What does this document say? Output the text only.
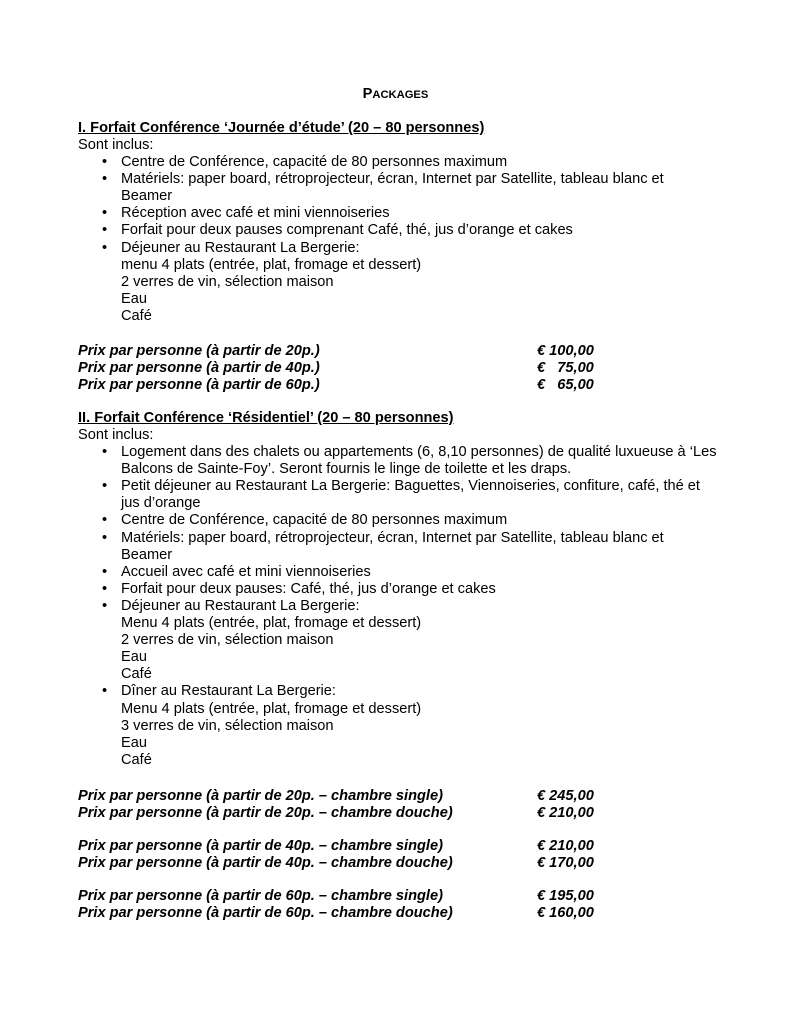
PACKAGES
I. Forfait Conférence ‘Journée d’étude’ (20 – 80 personnes)
Sont inclus:
• Centre de Conférence, capacité de 80 personnes maximum
• Matériels: paper board, rétroprojecteur, écran, Internet par Satellite, tableau blanc et
Beamer
• Réception avec café et mini viennoiseries
• Forfait pour deux pauses comprenant Café, thé, jus d’orange et cakes
• Déjeuner au Restaurant La Bergerie:
menu 4 plats (entrée, plat, fromage et dessert)
2 verres de vin, sélection maison
Eau
Café
Prix par personne (à partir de 20p.)	€ 100,00
Prix par personne (à partir de 40p.)	€   75,00
Prix par personne (à partir de 60p.)	€   65,00
II. Forfait Conférence ‘Résidentiel’ (20 – 80 personnes)
Sont inclus:
• Logement dans des chalets ou appartements (6, 8,10 personnes) de qualité luxueuse à ‘Les
Balcons de Sainte-Foy’. Seront fournis le linge de toilette et les draps.
• Petit déjeuner au Restaurant La Bergerie: Baguettes, Viennoiseries, confiture, café, thé et
jus d’orange
• Centre de Conférence, capacité de 80 personnes maximum
• Matériels: paper board, rétroprojecteur, écran, Internet par Satellite, tableau blanc et
Beamer
• Accueil avec café et mini viennoiseries
• Forfait pour deux pauses: Café, thé, jus d’orange et cakes
• Déjeuner au Restaurant La Bergerie:
Menu 4 plats (entrée, plat, fromage et dessert)
2 verres de vin, sélection maison
Eau
Café
• Dîner au Restaurant La Bergerie:
Menu 4 plats (entrée, plat, fromage et dessert)
3 verres de vin, sélection maison
Eau
Café
Prix par personne (à partir de 20p. – chambre single)	€ 245,00
Prix par personne (à partir de 20p. – chambre douche)	€ 210,00
Prix par personne (à partir de 40p. – chambre single)	€ 210,00
Prix par personne (à partir de 40p. – chambre douche)	€ 170,00
Prix par personne (à partir de 60p. – chambre single)	€ 195,00
Prix par personne (à partir de 60p. – chambre douche)	€ 160,00
